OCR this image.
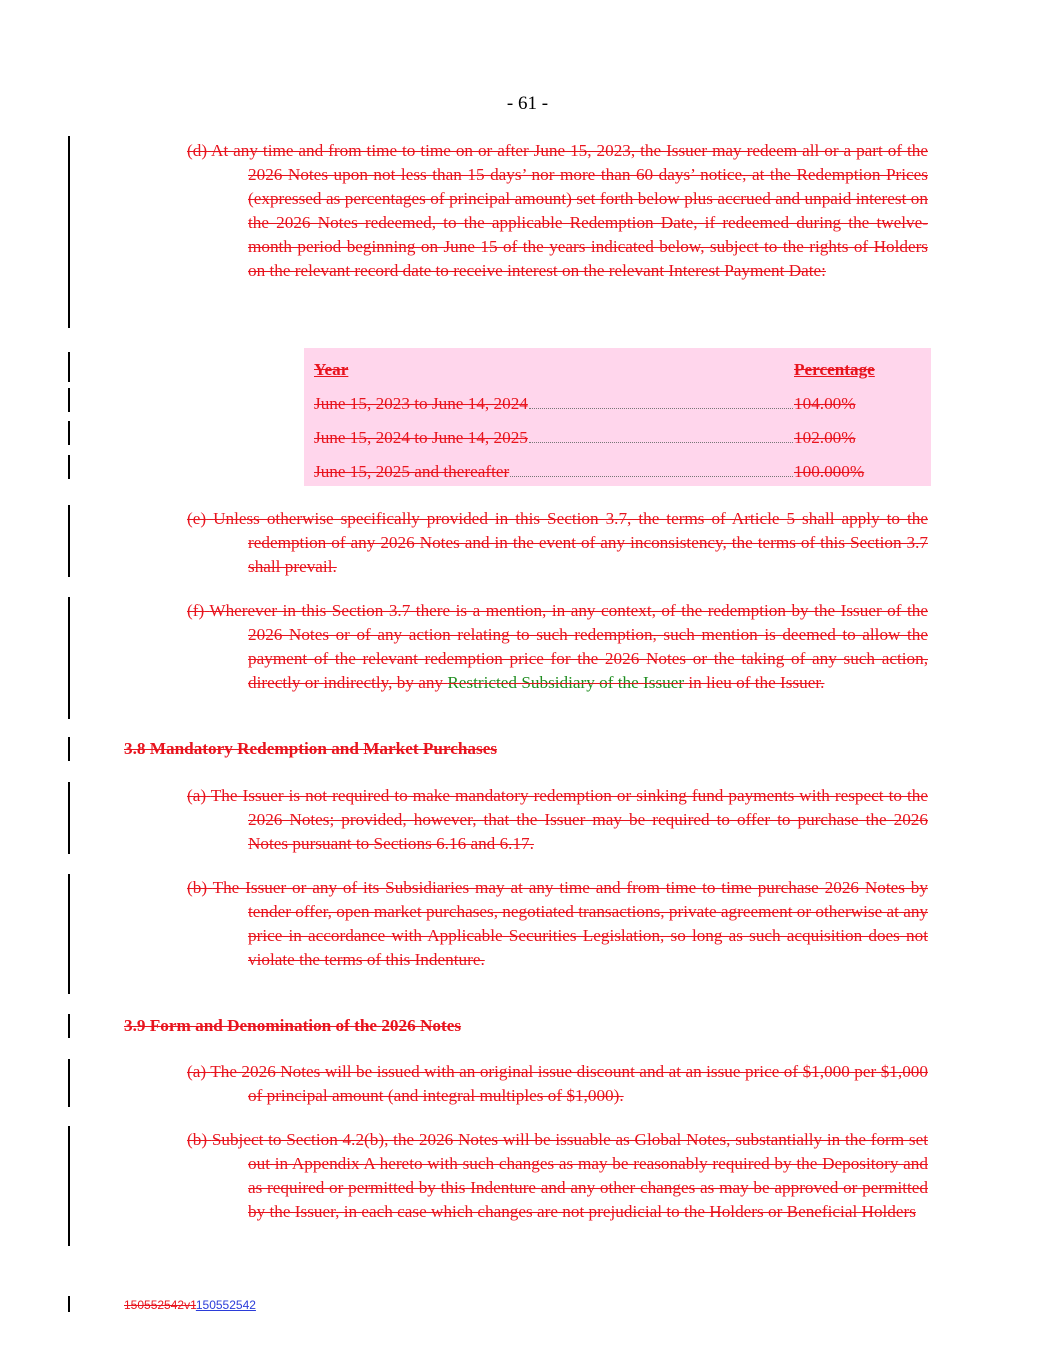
- 61 -
(d) At any time and from time to time on or after June 15, 2023, the Issuer may redeem all or a part of the 2026 Notes upon not less than 15 days’ nor more than 60 days’ notice, at the Redemption Prices (expressed as percentages of principal amount) set forth below plus accrued and unpaid interest on the 2026 Notes redeemed, to the applicable Redemption Date, if redeemed during the twelve-month period beginning on June 15 of the years indicated below, subject to the rights of Holders on the relevant record date to receive interest on the relevant Interest Payment Date:
Year	Percentage
June 15, 2023 to June 14, 2024	104.00%
June 15, 2024 to June 14, 2025	102.00%
June 15, 2025 and thereafter	100.000%
(e) Unless otherwise specifically provided in this Section 3.7, the terms of Article 5 shall apply to the redemption of any 2026 Notes and in the event of any inconsistency, the terms of this Section 3.7 shall prevail.
(f) Wherever in this Section 3.7 there is a mention, in any context, of the redemption by the Issuer of the 2026 Notes or of any action relating to such redemption, such mention is deemed to allow the payment of the relevant redemption price for the 2026 Notes or the taking of any such action, directly or indirectly, by any Restricted Subsidiary of the Issuer in lieu of the Issuer.
3.8 Mandatory Redemption and Market Purchases
(a) The Issuer is not required to make mandatory redemption or sinking fund payments with respect to the 2026 Notes; provided, however, that the Issuer may be required to offer to purchase the 2026 Notes pursuant to Sections 6.16 and 6.17.
(b) The Issuer or any of its Subsidiaries may at any time and from time to time purchase 2026 Notes by tender offer, open market purchases, negotiated transactions, private agreement or otherwise at any price in accordance with Applicable Securities Legislation, so long as such acquisition does not violate the terms of this Indenture.
3.9 Form and Denomination of the 2026 Notes
(a) The 2026 Notes will be issued with an original issue discount and at an issue price of $1,000 per $1,000 of principal amount (and integral multiples of $1,000).
(b) Subject to Section 4.2(b), the 2026 Notes will be issuable as Global Notes, substantially in the form set out in Appendix A hereto with such changes as may be reasonably required by the Depository and as required or permitted by this Indenture and any other changes as may be approved or permitted by the Issuer, in each case which changes are not prejudicial to the Holders or Beneficial Holders
150552542v1150552542
